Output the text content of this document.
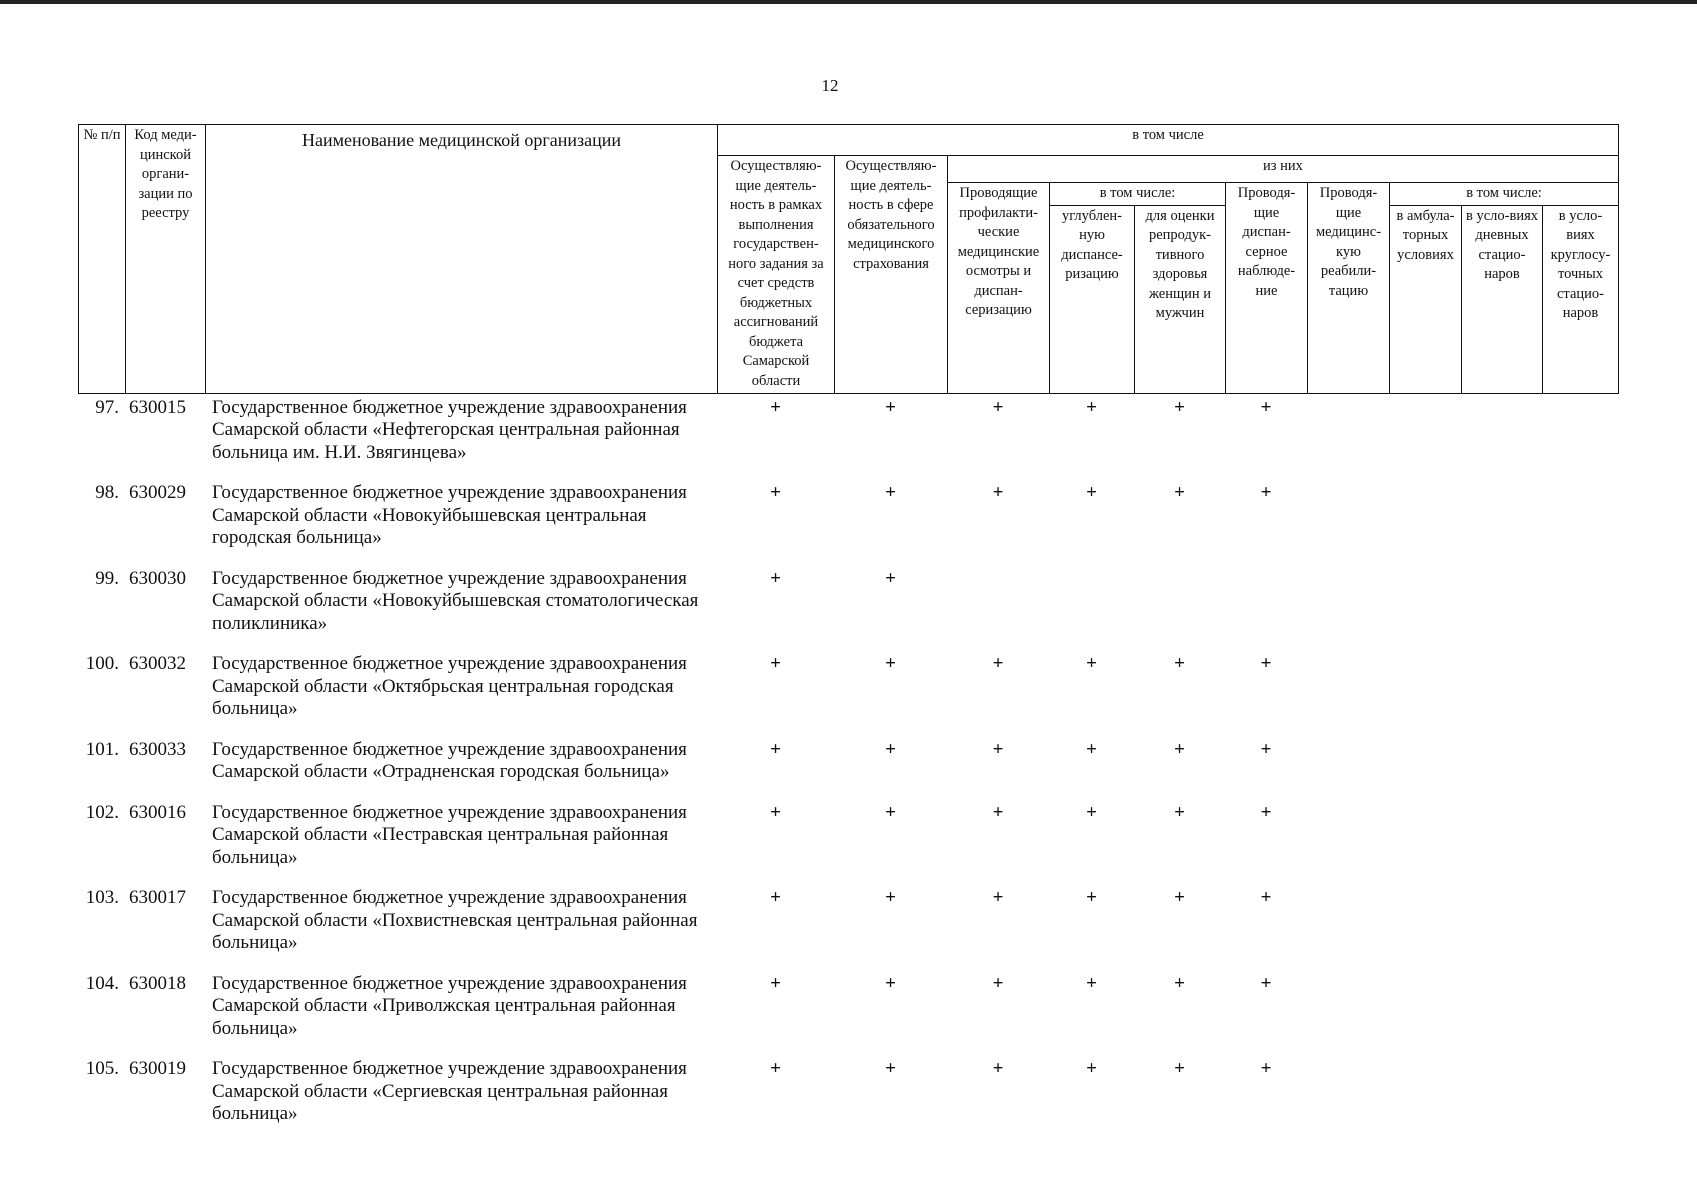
12
№ п/п	Код меди-цинской органи-зации по реестру	Наименование медицинской организации	в том числе									
			Осуществляю-щие деятель-ность в рамках выполнения государствен-ного задания за счет средств бюджетных ассигнований бюджета Самарской области	Осуществляю-щие деятель-ность в сфере обязательного медицинского страхования	из них							
					Проводящие профилакти-ческие медицинские осмотры и диспан-серизацию	в том числе:		Проводя-щие диспан-серное наблюде-ние	Проводя-щие медицинс-кую реабили-тацию	в том числе:		
						углублен-ную диспансе-ризацию	для оценки репродук-тивного здоровья женщин и мужчин			в амбула-торных условиях	в усло-виях дневных стацио-наров	в усло-виях круглосу-точных стацио-наров
97.	630015	Государственное бюджетное учреждение здравоохранения Самарской области «Нефтегорская центральная районная больница им. Н.И. Звягинцева»	+	+	+	+	+	+				
98.	630029	Государственное бюджетное учреждение здравоохранения Самарской области «Новокуйбышевская центральная городская больница»	+	+	+	+	+	+				
99.	630030	Государственное бюджетное учреждение здравоохранения Самарской области «Новокуйбышевская стоматологическая поликлиника»	+	+								
100.	630032	Государственное бюджетное учреждение здравоохранения Самарской области «Октябрьская центральная городская больница»	+	+	+	+	+	+				
101.	630033	Государственное бюджетное учреждение здравоохранения Самарской области «Отрадненская городская больница»	+	+	+	+	+	+				
102.	630016	Государственное бюджетное учреждение здравоохранения Самарской области «Пестравская центральная районная больница»	+	+	+	+	+	+				
103.	630017	Государственное бюджетное учреждение здравоохранения Самарской области «Похвистневская центральная районная больница»	+	+	+	+	+	+				
104.	630018	Государственное бюджетное учреждение здравоохранения Самарской области «Приволжская центральная районная больница»	+	+	+	+	+	+				
105.	630019	Государственное бюджетное учреждение здравоохранения Самарской области «Сергиевская центральная районная больница»	+	+	+	+	+	+				
